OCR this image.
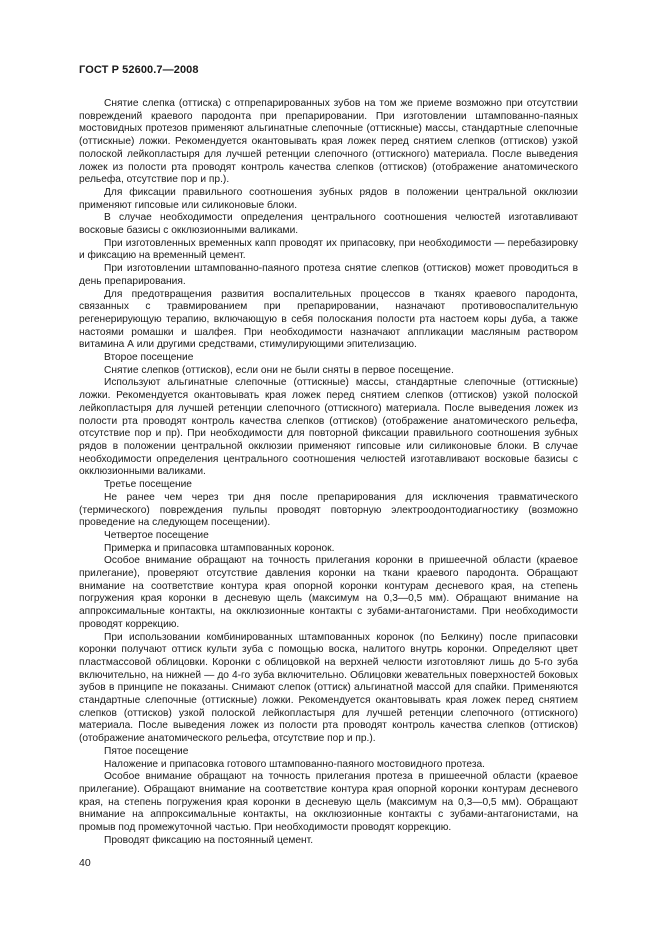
ГОСТ Р 52600.7—2008

Снятие слепка (оттиска) с отпрепарированных зубов на том же приеме возможно при отсутствии повреждений краевого пародонта при препарировании. При изготовлении штампованно-паяных мостовидных протезов применяют альгинатные слепочные (оттискные) массы, стандартные слепочные (оттискные) ложки. Рекомендуется окантовывать края ложек перед снятием слепков (оттисков) узкой полоской лейкопластыря для лучшей ретенции слепочного (оттискного) материала. После выведения ложек из полости рта проводят контроль качества слепков (оттисков) (отображение анатомического рельефа, отсутствие пор и пр.).

Для фиксации правильного соотношения зубных рядов в положении центральной окклюзии применяют гипсовые или силиконовые блоки.

В случае необходимости определения центрального соотношения челюстей изготавливают восковые базисы с окклюзионными валиками.

При изготовленных временных капп проводят их припасовку, при необходимости — перебазировку и фиксацию на временный цемент.

При изготовлении штампованно-паяного протеза снятие слепков (оттисков) может проводиться в день препарирования.

Для предотвращения развития воспалительных процессов в тканях краевого пародонта, связанных с травмированием при препарировании, назначают противовоспалительную регенерирующую терапию, включающую в себя полоскания полости рта настоем коры дуба, а также настоями ромашки и шалфея. При необходимости назначают аппликации масляным раствором витамина А или другими средствами, стимулирующими эпителизацию.

Второе посещение

Снятие слепков (оттисков), если они не были сняты в первое посещение.

Используют альгинатные слепочные (оттискные) массы, стандартные слепочные (оттискные) ложки. Рекомендуется окантовывать края ложек перед снятием слепков (оттисков) узкой полоской лейкопластыря для лучшей ретенции слепочного (оттискного) материала. После выведения ложек из полости рта проводят контроль качества слепков (оттисков) (отображение анатомического рельефа, отсутствие пор и пр). При необходимости для повторной фиксации правильного соотношения зубных рядов в положении центральной окклюзии применяют гипсовые или силиконовые блоки. В случае необходимости определения центрального соотношения челюстей изготавливают восковые базисы с окклюзионными валиками.

Третье посещение

Не ранее чем через три дня после препарирования для исключения травматического (термического) повреждения пульпы проводят повторную электроодонтодиагностику (возможно проведение на следующем посещении).

Четвертое посещение

Примерка и припасовка штампованных коронок.

Особое внимание обращают на точность прилегания коронки в пришеечной области (краевое прилегание), проверяют отсутствие давления коронки на ткани краевого пародонта. Обращают внимание на соответствие контура края опорной коронки контурам десневого края, на степень погружения края коронки в десневую щель (максимум на 0,3—0,5 мм). Обращают внимание на аппроксимальные контакты, на окклюзионные контакты с зубами-антагонистами. При необходимости проводят коррекцию.

При использовании комбинированных штампованных коронок (по Белкину) после припасовки коронки получают оттиск культи зуба с помощью воска, налитого внутрь коронки. Определяют цвет пластмассовой облицовки. Коронки с облицовкой на верхней челюсти изготовляют лишь до 5-го зуба включительно, на нижней — до 4-го зуба включительно. Облицовки жевательных поверхностей боковых зубов в принципе не показаны. Снимают слепок (оттиск) альгинатной массой для спайки. Применяются стандартные слепочные (оттискные) ложки. Рекомендуется окантовывать края ложек перед снятием слепков (оттисков) узкой полоской лейкопластыря для лучшей ретенции слепочного (оттискного) материала. После выведения ложек из полости рта проводят контроль качества слепков (оттисков) (отображение анатомического рельефа, отсутствие пор и пр.).

Пятое посещение

Наложение и припасовка готового штампованно-паяного мостовидного протеза.

Особое внимание обращают на точность прилегания протеза в пришеечной области (краевое прилегание). Обращают внимание на соответствие контура края опорной коронки контурам десневого края, на степень погружения края коронки в десневую щель (максимум на 0,3—0,5 мм). Обращают внимание на аппроксимальные контакты, на окклюзионные контакты с зубами-антагонистами, на промыв под промежуточной частью. При необходимости проводят коррекцию.

Проводят фиксацию на постоянный цемент.

40
